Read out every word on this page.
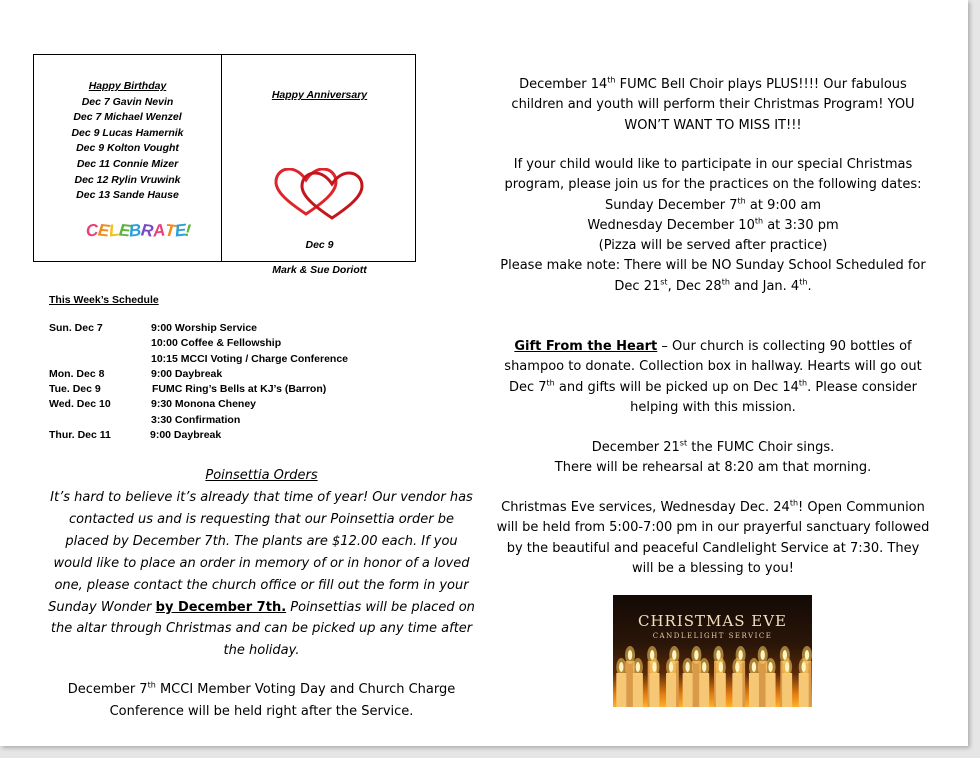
Happy Birthday
Dec 7 Gavin Nevin
Dec 7 Michael Wenzel
Dec 9 Lucas Hamernik
Dec 9 Kolton Vought
Dec 11 Connie Mizer
Dec 12 Rylin Vruwink
Dec 13 Sande Hause
CELEBRATE!
Happy Anniversary
Dec 9
Mark & Sue Doriott
This Week’s Schedule
Sun. Dec 7	9:00 Worship Service
10:00 Coffee & Fellowship
10:15 MCCI Voting / Charge Conference
Mon. Dec 8	9:00 Daybreak
Tue. Dec 9	FUMC Ring’s Bells at KJ’s (Barron)
Wed. Dec 10	9:30 Monona Cheney
3:30 Confirmation
Thur. Dec 11	9:00 Daybreak
Poinsettia Orders
It’s hard to believe it’s already that time of year! Our vendor has contacted us and is requesting that our Poinsettia order be placed by December 7th. The plants are $12.00 each. If you would like to place an order in memory of or in honor of a loved one, please contact the church office or fill out the form in your Sunday Wonder by December 7th. Poinsettias will be placed on the altar through Christmas and can be picked up any time after the holiday.
December 7th MCCI Member Voting Day and Church Charge Conference will be held right after the Service.
December 14th FUMC Bell Choir plays PLUS!!!! Our fabulous children and youth will perform their Christmas Program! YOU WON’T WANT TO MISS IT!!!
If your child would like to participate in our special Christmas program, please join us for the practices on the following dates:
Sunday December 7th at 9:00 am
Wednesday December 10th at 3:30 pm
(Pizza will be served after practice)
Please make note: There will be NO Sunday School Scheduled for Dec 21st, Dec 28th and Jan. 4th.
Gift From the Heart – Our church is collecting 90 bottles of shampoo to donate. Collection box in hallway. Hearts will go out Dec 7th and gifts will be picked up on Dec 14th. Please consider helping with this mission.
December 21st the FUMC Choir sings.
There will be rehearsal at 8:20 am that morning.
Christmas Eve services, Wednesday Dec. 24th! Open Communion will be held from 5:00-7:00 pm in our prayerful sanctuary followed by the beautiful and peaceful Candlelight Service at 7:30. They will be a blessing to you!
CHRISTMAS EVE
CANDLELIGHT SERVICE
